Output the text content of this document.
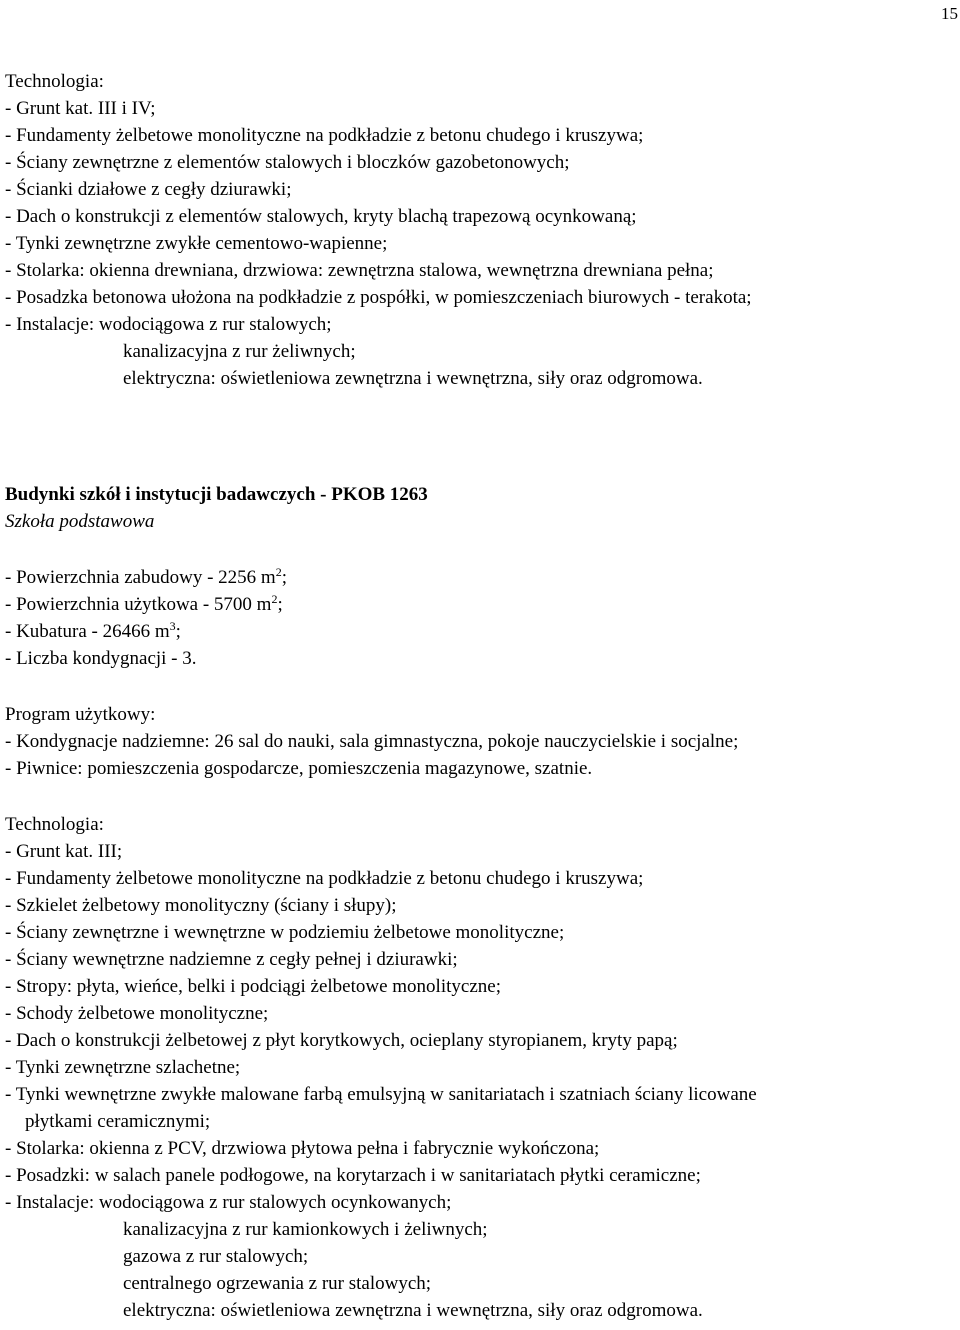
15
Technologia:
- Grunt kat. III i IV;
- Fundamenty żelbetowe monolityczne na podkładzie z betonu chudego i kruszywa;
- Ściany zewnętrzne z elementów stalowych i bloczków gazobetonowych;
- Ścianki działowe z cegły dziurawki;
- Dach o konstrukcji z elementów stalowych, kryty blachą trapezową ocynkowaną;
- Tynki zewnętrzne zwykłe cementowo-wapienne;
- Stolarka: okienna drewniana, drzwiowa: zewnętrzna stalowa, wewnętrzna drewniana pełna;
- Posadzka betonowa ułożona na podkładzie z pospółki, w pomieszczeniach biurowych - terakota;
- Instalacje: wodociągowa z rur stalowych;
kanalizacyjna z rur żeliwnych;
elektryczna: oświetleniowa zewnętrzna i wewnętrzna, siły oraz odgromowa.
Budynki szkół i instytucji badawczych - PKOB 1263
Szkoła podstawowa
- Powierzchnia zabudowy - 2256 $m^2$;
- Powierzchnia użytkowa - 5700 $m^2$;
- Kubatura - 26466 $m^3$;
- Liczba kondygnacji - 3.
Program użytkowy:
- Kondygnacje nadziemne: 26 sal do nauki, sala gimnastyczna, pokoje nauczycielskie i socjalne;
- Piwnice: pomieszczenia gospodarcze, pomieszczenia magazynowe, szatnie.
Technologia:
- Grunt kat. III;
- Fundamenty żelbetowe monolityczne na podkładzie z betonu chudego i kruszywa;
- Szkielet żelbetowy monolityczny (ściany i słupy);
- Ściany zewnętrzne i wewnętrzne w podziemiu żelbetowe monolityczne;
- Ściany wewnętrzne nadziemne z cegły pełnej i dziurawki;
- Stropy: płyta, wieńce, belki i podciągi żelbetowe monolityczne;
- Schody żelbetowe monolityczne;
- Dach o konstrukcji żelbetowej z płyt korytkowych, ocieplany styropianem, kryty papą;
- Tynki zewnętrzne szlachetne;
- Tynki wewnętrzne zwykłe malowane farbą emulsyjną w sanitariatach i szatniach ściany licowane
płytkami ceramicznymi;
- Stolarka: okienna z PCV, drzwiowa płytowa pełna i fabrycznie wykończona;
- Posadzki: w salach panele podłogowe, na korytarzach i w sanitariatach płytki ceramiczne;
- Instalacje: wodociągowa z rur stalowych ocynkowanych;
kanalizacyjna z rur kamionkowych i żeliwnych;
gazowa z rur stalowych;
centralnego ogrzewania z rur stalowych;
elektryczna: oświetleniowa zewnętrzna i wewnętrzna, siły oraz odgromowa.
